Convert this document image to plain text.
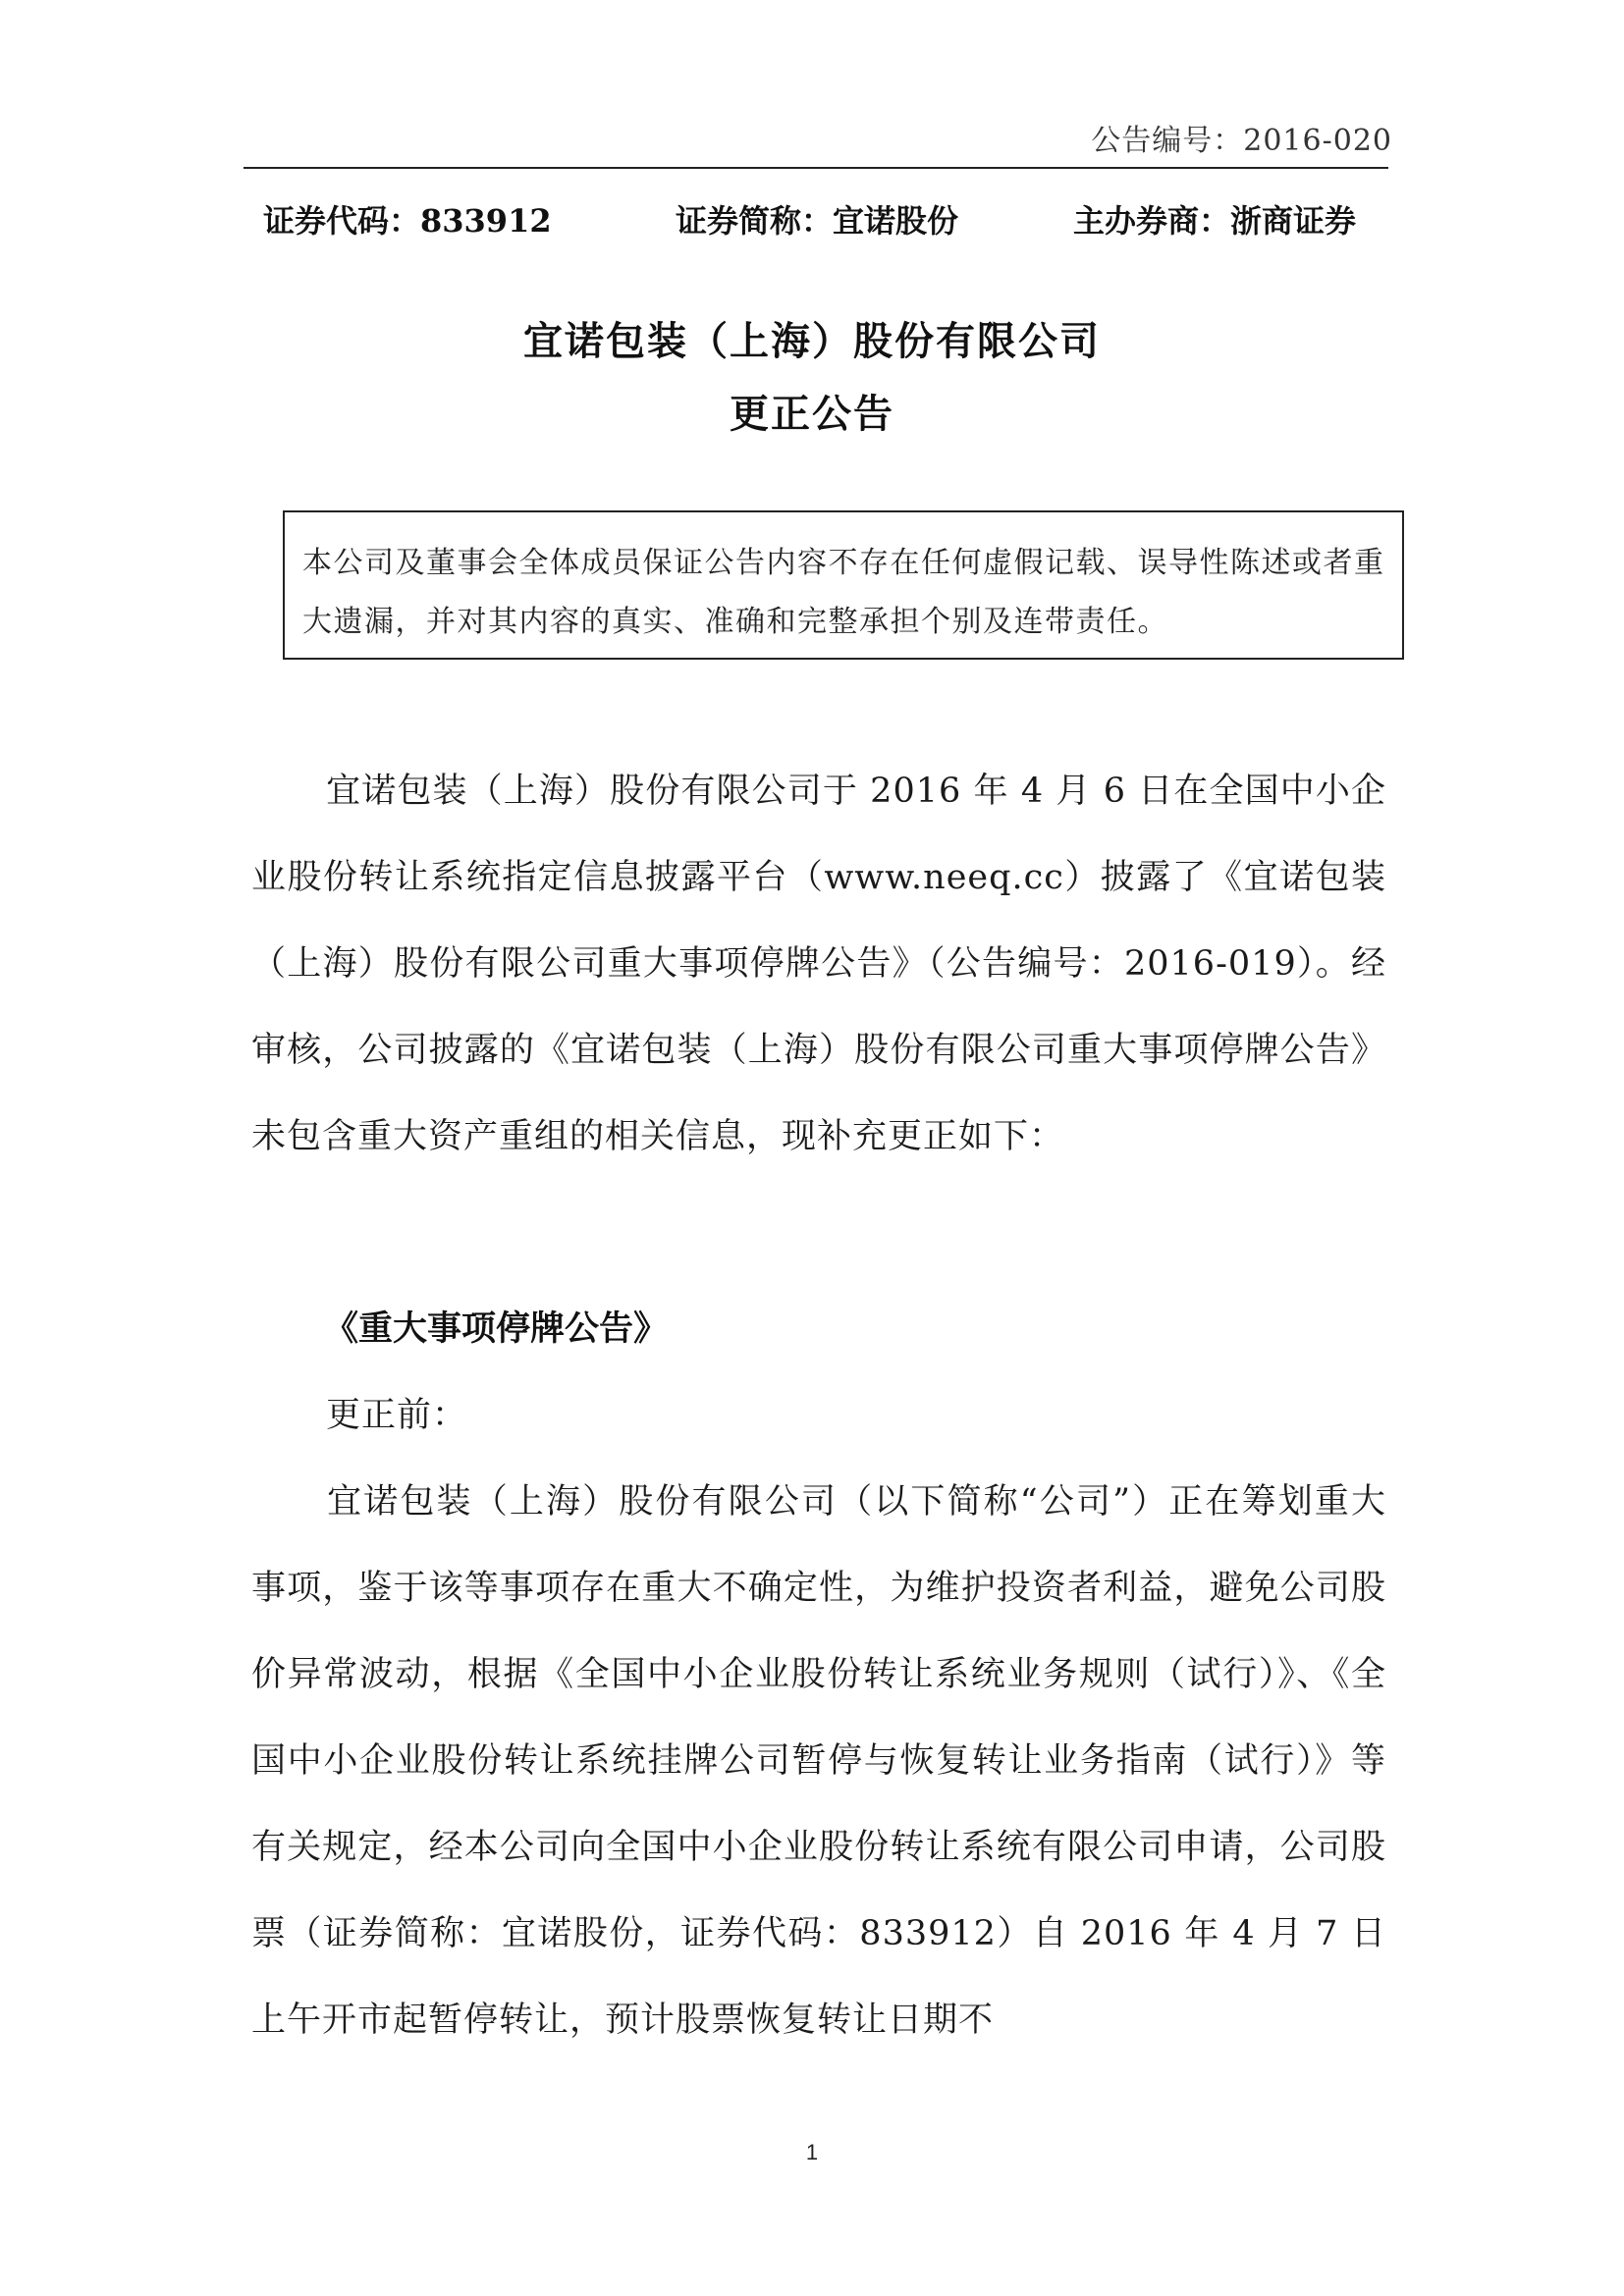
公告编号：2016-020
证券代码：833912	证券简称：宜诺股份	主办券商：浙商证券
宜诺包装（上海）股份有限公司
更正公告
本公司及董事会全体成员保证公告内容不存在任何虚假记载、误导性陈述或者重大遗漏，并对其内容的真实、准确和完整承担个别及连带责任。
宜诺包装（上海）股份有限公司于 2016 年 4 月 6 日在全国中小企业股份转让系统指定信息披露平台（www.neeq.cc）披露了《宜诺包装（上海）股份有限公司重大事项停牌公告》（公告编号：2016-019）。经审核，公司披露的《宜诺包装（上海）股份有限公司重大事项停牌公告》未包含重大资产重组的相关信息，现补充更正如下：
《重大事项停牌公告》
更正前：
宜诺包装（上海）股份有限公司（以下简称“公司”）正在筹划重大事项，鉴于该等事项存在重大不确定性，为维护投资者利益，避免公司股价异常波动，根据《全国中小企业股份转让系统业务规则（试行）》、《全国中小企业股份转让系统挂牌公司暂停与恢复转让业务指南（试行）》等有关规定，经本公司向全国中小企业股份转让系统有限公司申请，公司股票（证券简称：宜诺股份，证券代码：833912）自 2016 年 4 月 7 日上午开市起暂停转让，预计股票恢复转让日期不
1
